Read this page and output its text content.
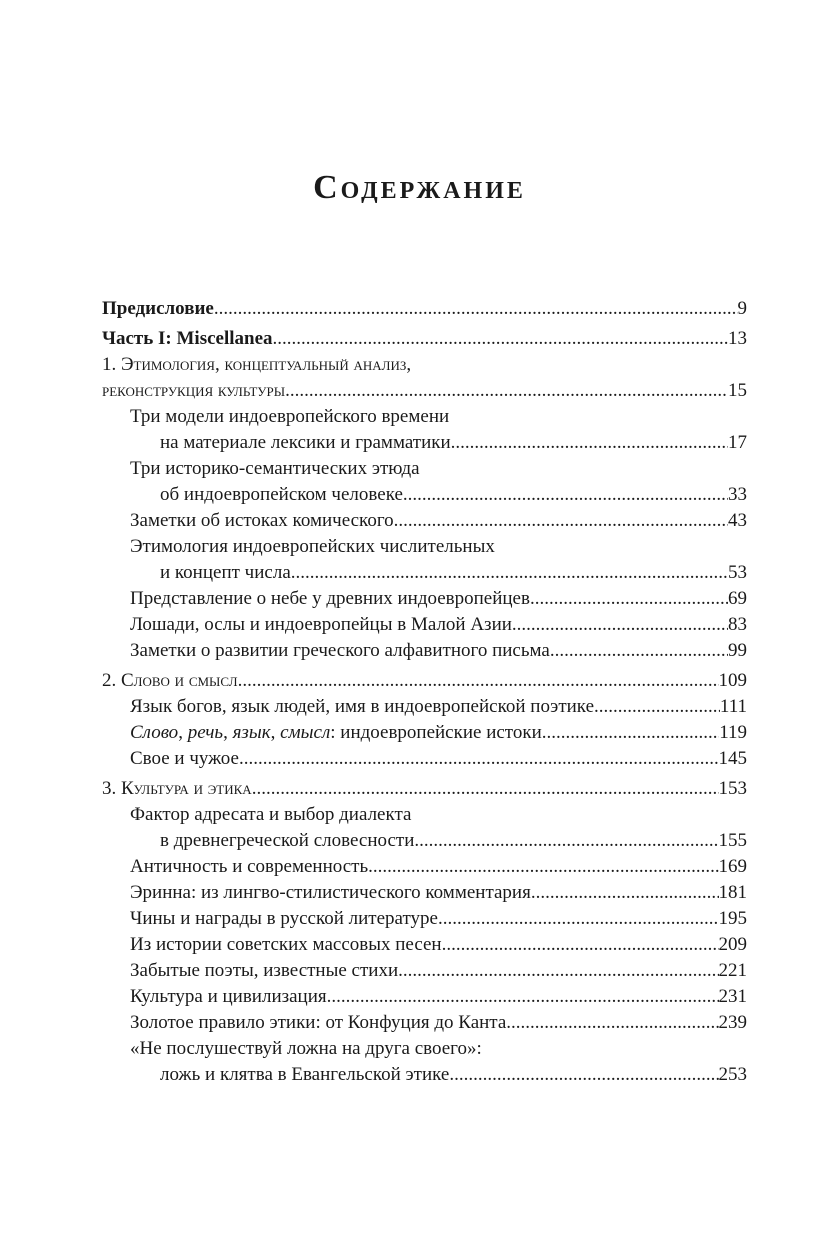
Содержание
Предисловие .....	9
Часть I: Miscellanea .....	13
1. Этимология, концептуальный анализ,
реконструкция культуры .....	15
Три модели индоевропейского времени
на материале лексики и грамматики .....	17
Три историко-семантических этюда
об индоевропейском человеке .....	33
Заметки об истоках комического .....	43
Этимология индоевропейских числительных
и концепт числа .....	53
Представление о небе у древних индоевропейцев .....	69
Лошади, ослы и индоевропейцы в Малой Азии .....	83
Заметки о развитии греческого алфавитного письма .....	99
2. Слово и смысл .....	109
Язык богов, язык людей, имя в индоевропейской поэтике .....	111
Слово, речь, язык, смысл: индоевропейские истоки .....	119
Свое и чужое .....	145
3. Культура и этика .....	153
Фактор адресата и выбор диалекта
в древнегреческой словесности .....	155
Античность и современность .....	169
Эринна: из лингво-стилистического комментария .....	181
Чины и награды в русской литературе .....	195
Из истории советских массовых песен .....	209
Забытые поэты, известные стихи .....	221
Культура и цивилизация .....	231
Золотое правило этики: от Конфуция до Канта .....	239
«Не послушествуй ложна на друга своего»:
ложь и клятва в Евангельской этике .....	253
